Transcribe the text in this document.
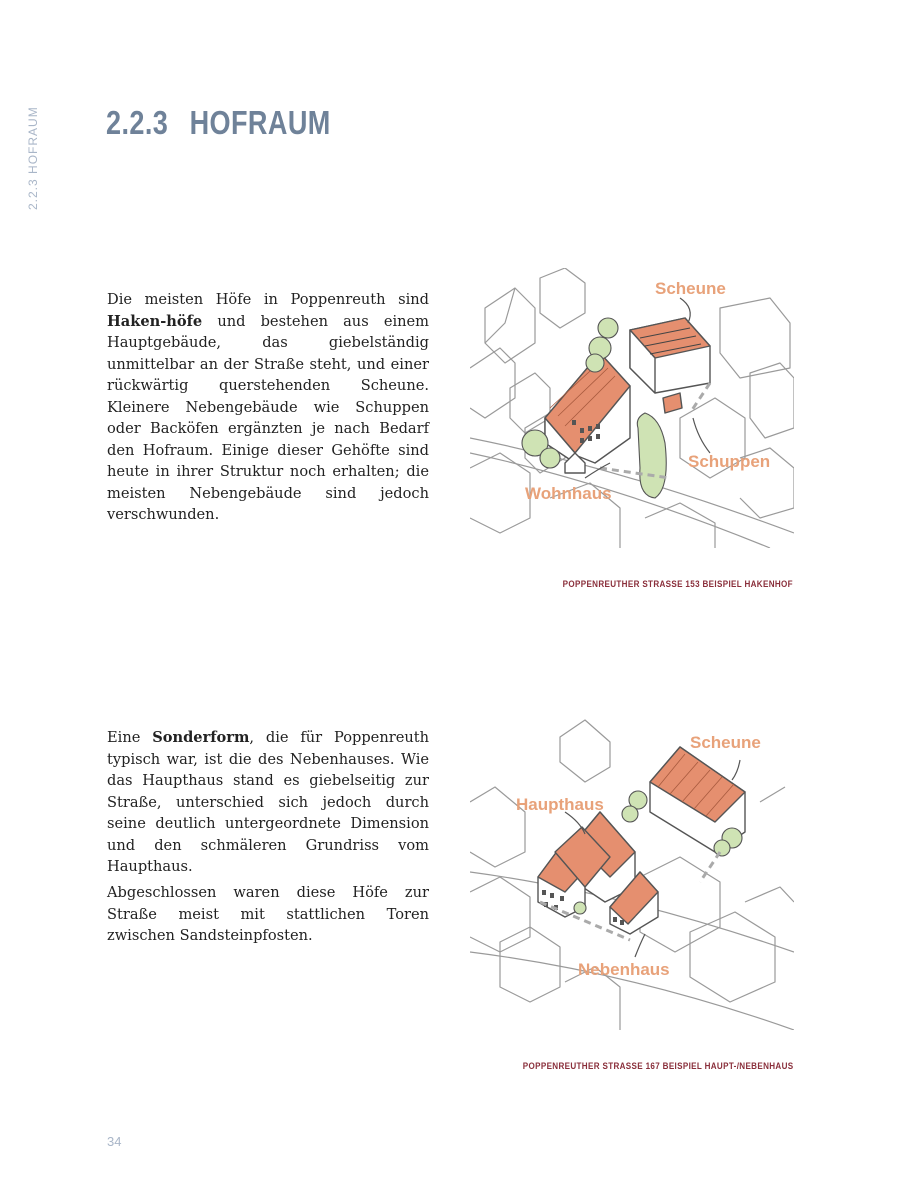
2.2.3 HOFRAUM 2.2.3 HOFRAUM

Die meisten Höfe in Poppenreuth sind Haken-höfe und bestehen aus einem Hauptgebäude, das giebelständig unmittelbar an der Straße steht, und einer rückwärtig querstehenden Scheune. Kleinere Nebengebäude wie Schuppen oder Backöfen ergänzten je nach Bedarf den Hofraum. Einige dieser Gehöfte sind heute in ihrer Struktur noch erhalten; die meisten Nebengebäude sind jedoch verschwunden.

Scheune
Schuppen
Wohnhaus
POPPENREUTHER STRASSE 153 BEISPIEL HAKENHOF

Eine Sonderform, die für Poppenreuth typisch war, ist die des Nebenhauses. Wie das Haupthaus stand es giebelseitig zur Straße, unterschied sich jedoch durch seine deutlich untergeordnete Dimension und den schmäleren Grundriss vom Haupthaus.

Abgeschlossen waren diese Höfe zur Straße meist mit stattlichen Toren zwischen Sandsteinpfosten.

Scheune
Haupthaus
Nebenhaus
POPPENREUTHER STRASSE 167 BEISPIEL HAUPT-/NEBENHAUS
34
